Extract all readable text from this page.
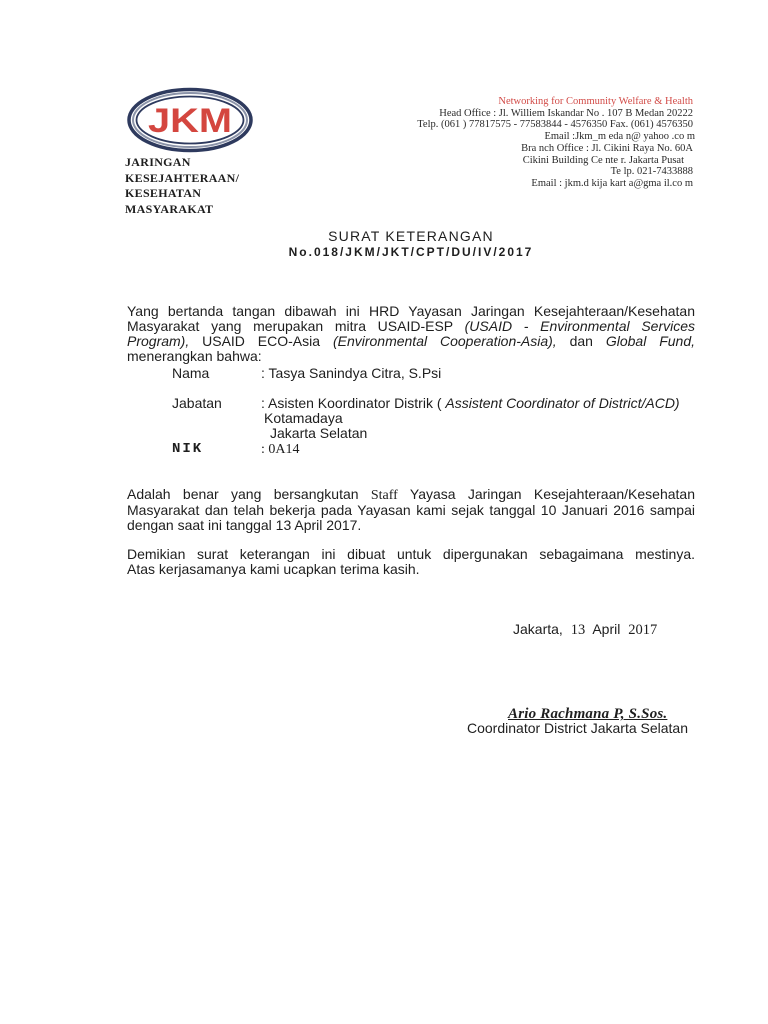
JKM
JARINGAN
KESEJAHTERAAN/
KESEHATAN
MASYARAKAT
Networking for Community Welfare & Health
Head Office : Jl. Williem Iskandar No . 107 B Medan 20222
Telp. (061 ) 77817575 - 77583844 - 4576350 Fax. (061) 4576350
Email :Jkm_m eda n@ yahoo .co m
Bra nch Office : Jl. Cikini Raya No. 60A
Cikini Building Ce nte r. Jakarta Pusat
Te lp. 021-7433888
Email : jkm.d kija kart a@gma il.co m
SURAT KETERANGAN
No.018/JKM/JKT/CPT/DU/IV/2017
Yang bertanda tangan dibawah ini HRD Yayasan Jaringan Kesejahteraan/Kesehatan
Masyarakat yang merupakan mitra USAID-ESP (USAID - Environmental Services
Program), USAID ECO-Asia (Environmental Cooperation-Asia), dan Global Fund,
menerangkan bahwa:
Nama	: Tasya Sanindya Citra, S.Psi
Jabatan	: Asisten Koordinator Distrik ( Assistent Coordinator of District/ACD)
Kotamadaya
Jakarta Selatan
NIK	: 0A14
Adalah benar yang bersangkutan Staff Yayasa Jaringan Kesejahteraan/Kesehatan
Masyarakat dan telah bekerja pada Yayasan kami sejak tanggal 10 Januari 2016 sampai
dengan saat ini tanggal 13 April 2017.
Demikian surat keterangan ini dibuat untuk dipergunakan sebagaimana mestinya.
Atas kerjasamanya kami ucapkan terima kasih.
Jakarta, 13 April 2017
Ario Rachmana P, S.Sos.
Coordinator District Jakarta Selatan
